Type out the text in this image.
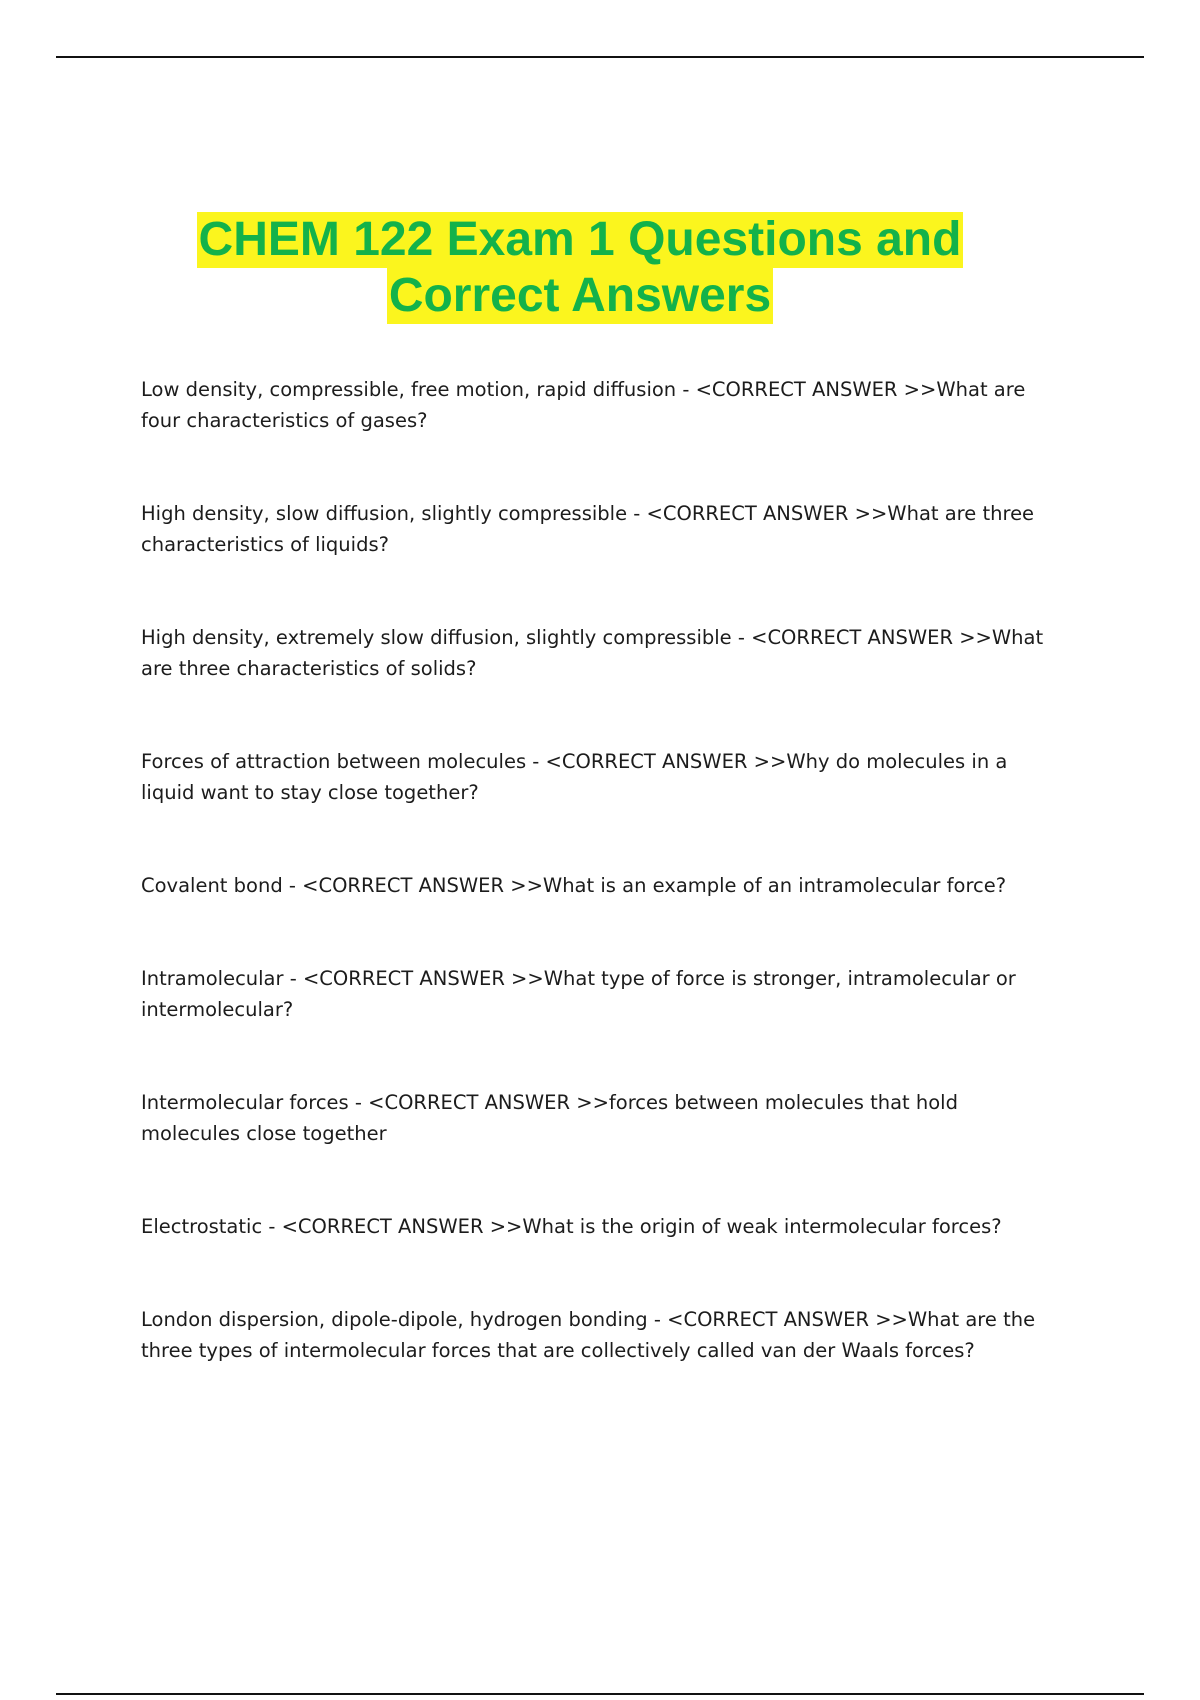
CHEM 122 Exam 1 Questions and
Correct Answers
Low density, compressible, free motion, rapid diffusion - <CORRECT ANSWER >>What are four characteristics of gases?
High density, slow diffusion, slightly compressible - <CORRECT ANSWER >>What are three characteristics of liquids?
High density, extremely slow diffusion, slightly compressible - <CORRECT ANSWER >>What are three characteristics of solids?
Forces of attraction between molecules - <CORRECT ANSWER >>Why do molecules in a liquid want to stay close together?
Covalent bond - <CORRECT ANSWER >>What is an example of an intramolecular force?
Intramolecular - <CORRECT ANSWER >>What type of force is stronger, intramolecular or intermolecular?
Intermolecular forces - <CORRECT ANSWER >>forces between molecules that hold molecules close together
Electrostatic - <CORRECT ANSWER >>What is the origin of weak intermolecular forces?
London dispersion, dipole-dipole, hydrogen bonding - <CORRECT ANSWER >>What are the three types of intermolecular forces that are collectively called van der Waals forces?
